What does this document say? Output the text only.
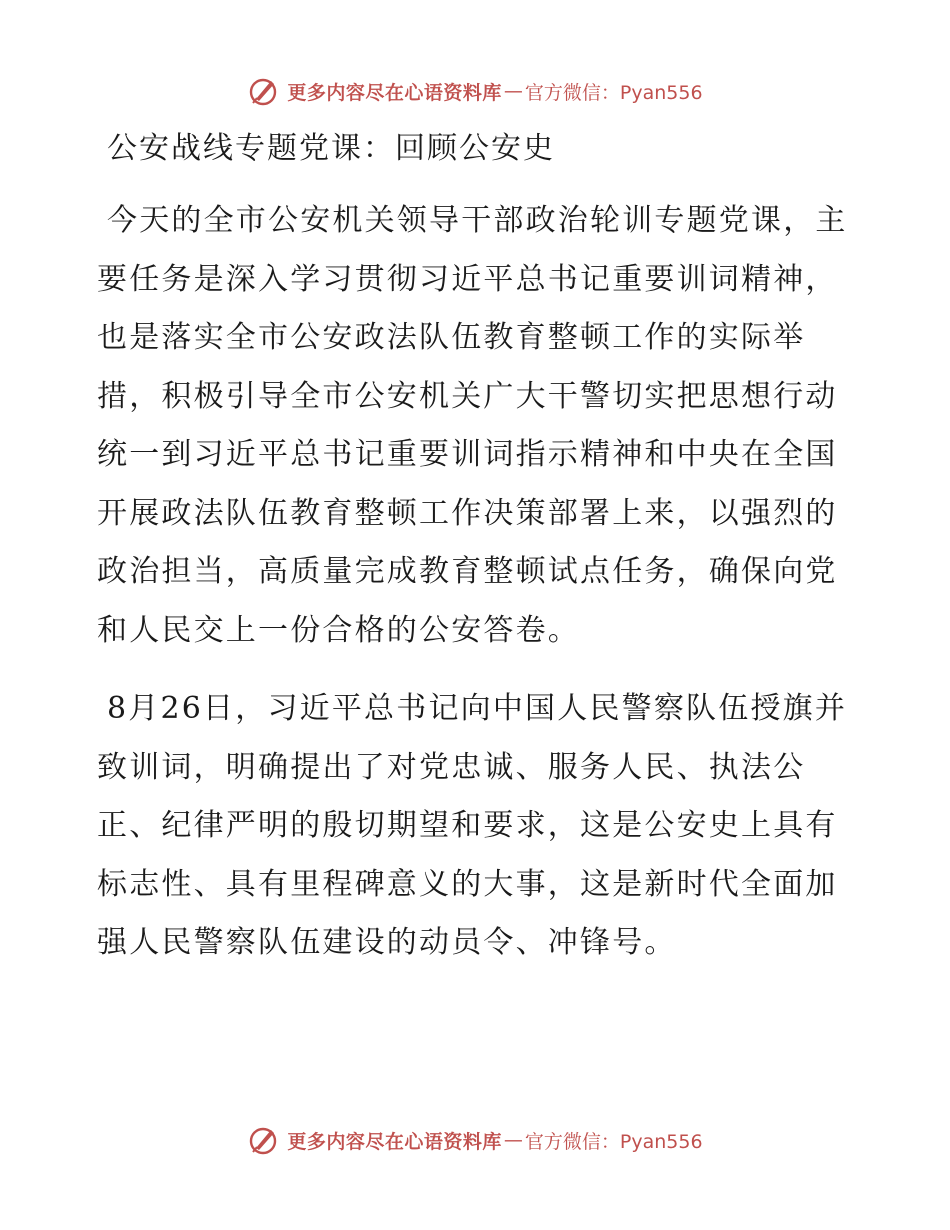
更多内容尽在心语资料库 — 官方微信：Pyan556
公安战线专题党课：回顾公安史

今天的全市公安机关领导干部政治轮训专题党课，主要任务是深入学习贯彻习近平总书记重要训词精神，也是落实全市公安政法队伍教育整顿工作的实际举措，积极引导全市公安机关广大干警切实把思想行动统一到习近平总书记重要训词指示精神和中央在全国开展政法队伍教育整顿工作决策部署上来，以强烈的政治担当，高质量完成教育整顿试点任务，确保向党和人民交上一份合格的公安答卷。

8月26日，习近平总书记向中国人民警察队伍授旗并致训词，明确提出了对党忠诚、服务人民、执法公正、纪律严明的殷切期望和要求，这是公安史上具有标志性、具有里程碑意义的大事，这是新时代全面加强人民警察队伍建设的动员令、冲锋号。

更多内容尽在心语资料库 — 官方微信：Pyan556
